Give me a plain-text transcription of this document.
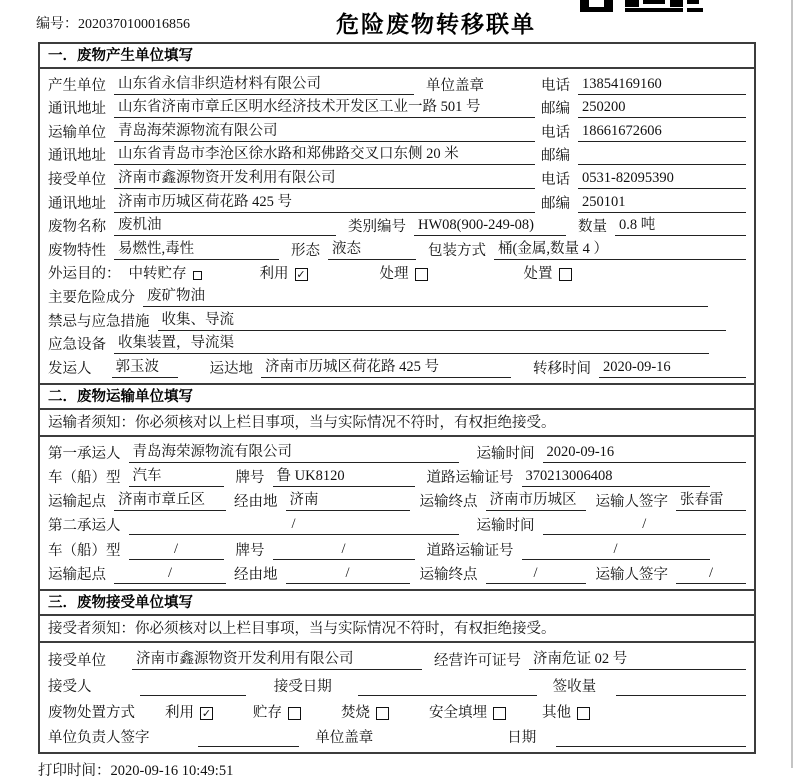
编号：2020370100016856	危险废物转移联单
一．废物产生单位填写
产生单位 山东省永信非织造材料有限公司	单位盖章	电话 13854169160
通讯地址 山东省济南市章丘区明水经济技术开发区工业一路 501 号	邮编 250200
运输单位 青岛海荣源物流有限公司	电话 18661672606
通讯地址 山东省青岛市李沧区徐水路和郑佛路交叉口东侧 20 米	邮编
接受单位 济南市鑫源物资开发利用有限公司	电话 0531-82095390
通讯地址 济南市历城区荷花路 425 号	邮编 250101
废物名称 废机油	类别编号 HW08(900-249-08)	数量 0.8 吨
废物特性 易燃性,毒性	形态 液态	包装方式 桶(金属,数量 4 ）
外运目的： 中转贮存	利用 ✓	处理	处置
主要危险成分 废矿物油
禁忌与应急措施 收集、导流
应急设备 收集装置，导流渠
发运人	郭玉波	运达地 济南市历城区荷花路 425 号	转移时间 2020-09-16
二．废物运输单位填写
运输者须知：你必须核对以上栏目事项，当与实际情况不符时，有权拒绝接受。
第一承运人 青岛海荣源物流有限公司	运输时间 2020-09-16
车（船）型 汽车	牌号 鲁 UK8120	道路运输证号 370213006408
运输起点 济南市章丘区	经由地 济南	运输终点 济南市历城区	运输人签字 张春雷
第二承运人	/	运输时间	/
车（船）型	/	牌号	/	道路运输证号	/
运输起点	/	经由地	/	运输终点	/	运输人签字	/
三．废物接受单位填写
接受者须知：你必须核对以上栏目事项，当与实际情况不符时，有权拒绝接受。
接受单位	济南市鑫源物资开发利用有限公司	经营许可证号 济南危证 02 号
接受人	接受日期	签收量
废物处置方式	利用 ✓	贮存	焚烧	安全填埋	其他
单位负责人签字	单位盖章	日期
打印时间：2020-09-16 10:49:51
